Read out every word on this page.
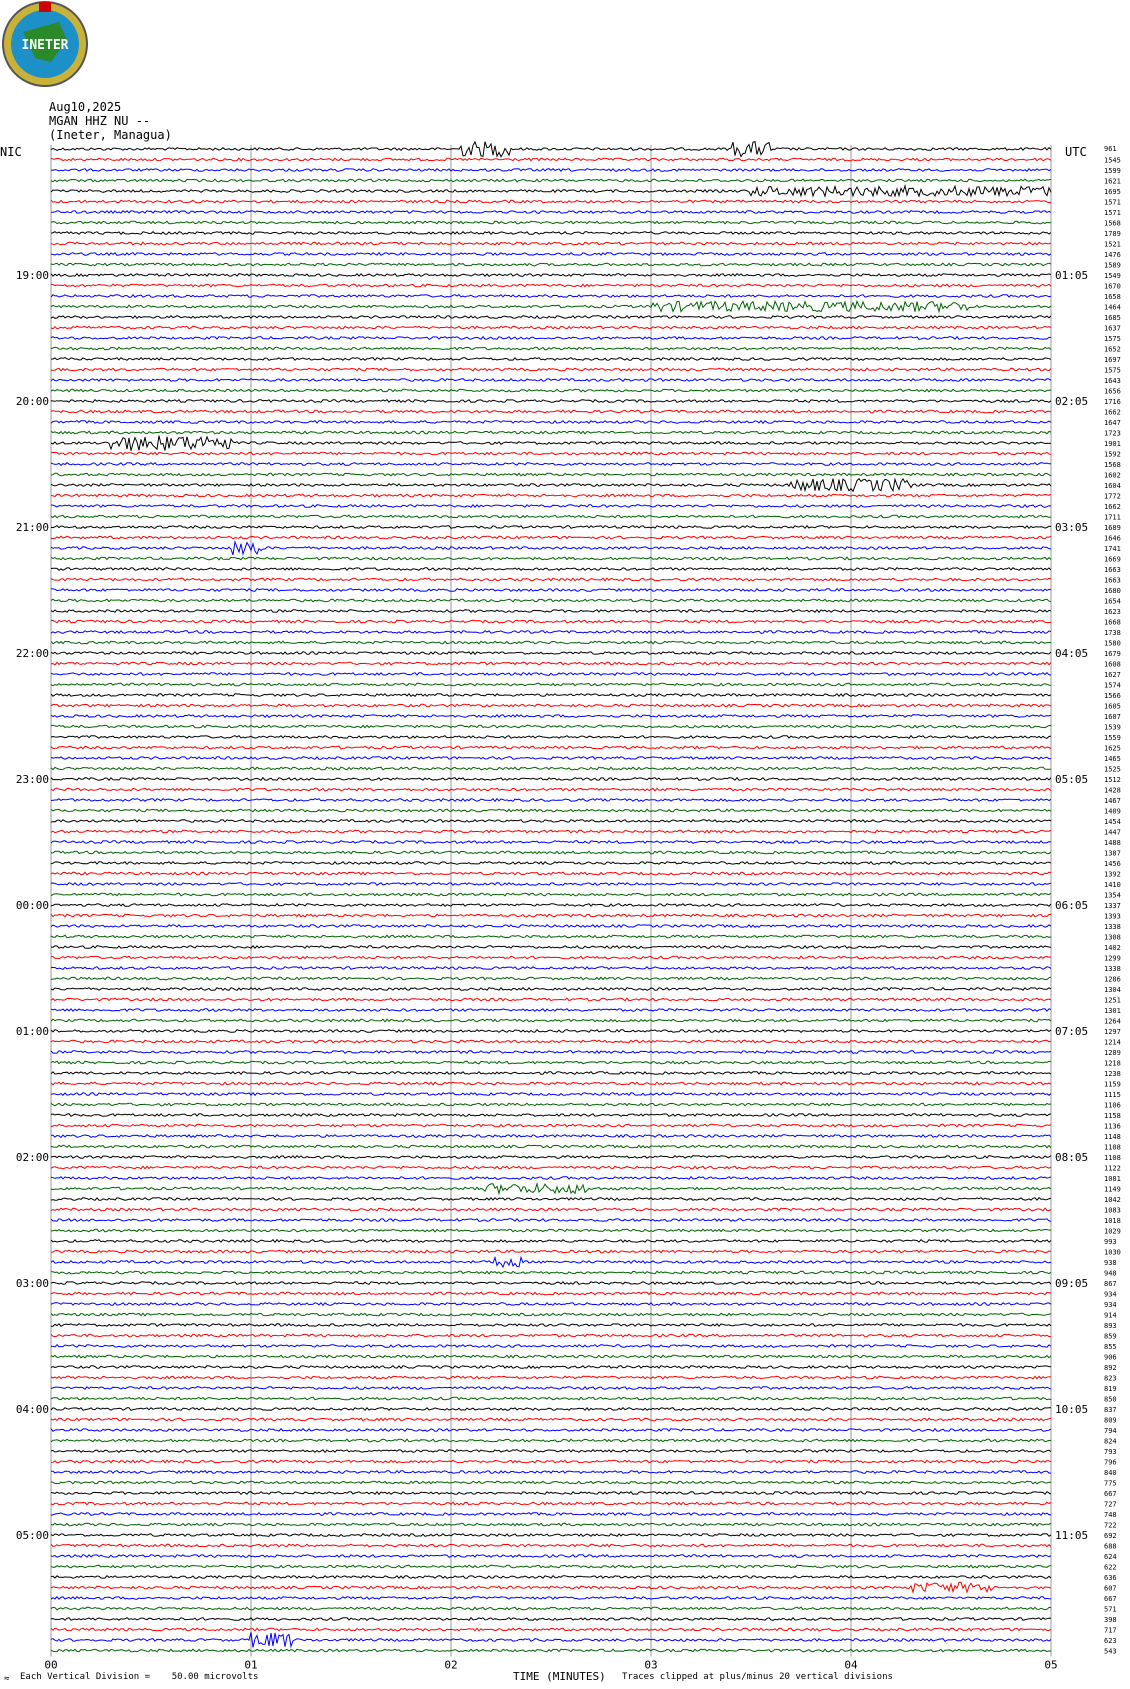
INETER
Aug10,2025
MGAN HHZ NU --
(Ineter, Managua)
NIC	UTC 961
1545
1599
1621
1695
1571
1571
1568
1789
1521
1476
1589
1549
1670
1658
1464
1685
1637
1575
1652
1697
1575
1643
1656
1716
1662
1647
1723
1901
1592
1568
1602
1604
1772
1662
1711
1689
1646
1741
1669
1663
1663
1680
1654
1623
1668
1738
1580
1679
1608
1627
1574
1566
1605
1607
1539
1559
1625
1465
1525
1512
1428
1467
1409
1454
1447
1488
1387
1456
1392
1410
1354
1337
1393
1338
1308
1402
1299
1338
1286
1304
1251
1301
1264
1297
1214
1289
1218
1238
1159
1115
1106
1158
1136
1148
1108
1108
1122
1081
1149
1042
1083
1018
1029
993
1030
938
948
867
934
934
914
893
859
855
906
892
823
819
850
837
809
794
824
793
796
840
775
667
727
748
722
692
688
624
622
636
607
667
571
398
717
623
543
19:00	01:05
20:00	02:05
21:00	03:05
22:00	04:05
23:00	05:05
00:00	06:05
01:00	07:05
02:00	08:05
03:00	09:05
04:00	10:05
05:00	11:05
00	01	02	03	04	05
≈ Each Vertical Division =    50.00 microvolts	TIME (MINUTES) Traces clipped at plus/minus 20 vertical divisions
